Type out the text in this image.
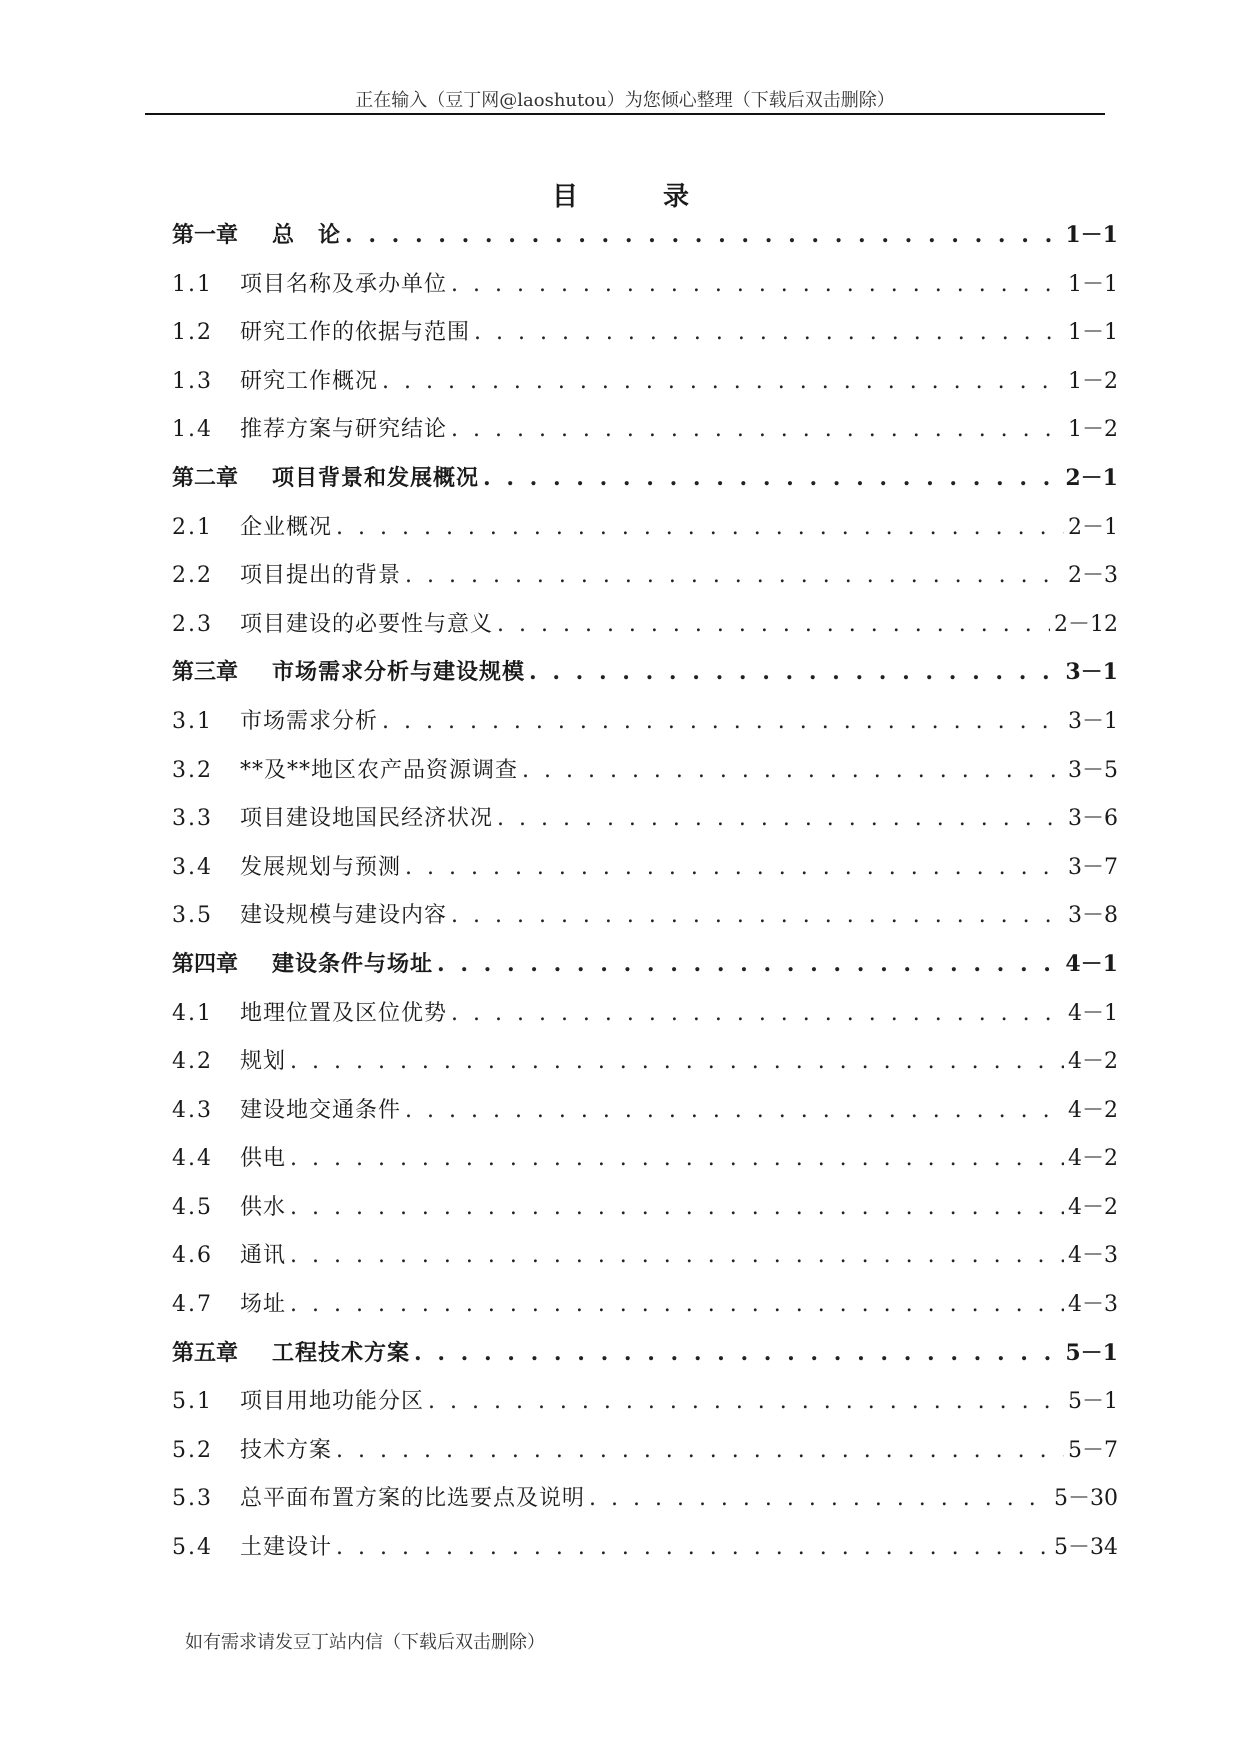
正在输入（豆丁网@laoshutou）为您倾心整理（下载后双击删除）
目 录
第一章	总　论 . . .	1－1
1.1	项目名称及承办单位 . . .	1－1
1.2	研究工作的依据与范围 . . .	1－1
1.3	研究工作概况 . . .	1－2
1.4	推荐方案与研究结论 . . .	1－2
第二章	项目背景和发展概况 . . .	2－1
2.1	企业概况 . . .	2－1
2.2	项目提出的背景 . . .	2－3
2.3	项目建设的必要性与意义 . . .	2－12
第三章	市场需求分析与建设规模 . . .	3－1
3.1	市场需求分析 . . .	3－1
3.2	**及**地区农产品资源调查 . . .	3－5
3.3	项目建设地国民经济状况 . . .	3－6
3.4	发展规划与预测 . . .	3－7
3.5	建设规模与建设内容 . . .	3－8
第四章	建设条件与场址 . . .	4－1
4.1	地理位置及区位优势 . . .	4－1
4.2	规划 . . .	4－2
4.3	建设地交通条件 . . .	4－2
4.4	供电 . . .	4－2
4.5	供水 . . .	4－2
4.6	通讯 . . .	4－3
4.7	场址 . . .	4－3
第五章	工程技术方案 . . .	5－1
5.1	项目用地功能分区 . . .	5－1
5.2	技术方案 . . .	5－7
5.3	总平面布置方案的比选要点及说明 . . .	5－30
5.4	土建设计 . . .	5－34
如有需求请发豆丁站内信（下载后双击删除）
